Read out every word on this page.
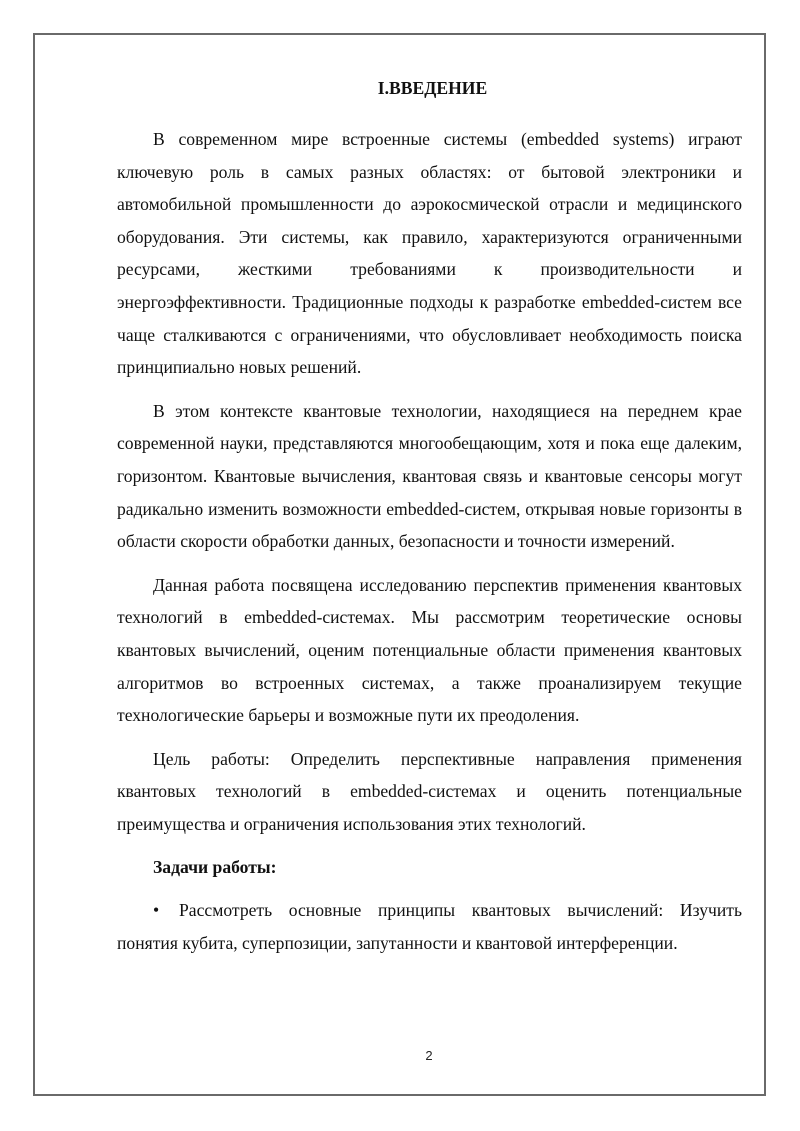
I.ВВЕДЕНИЕ

В современном мире встроенные системы (embedded systems) играют ключевую роль в самых разных областях: от бытовой электроники и автомобильной промышленности до аэрокосмической отрасли и медицинского оборудования. Эти системы, как правило, характеризуются ограниченными ресурсами, жесткими требованиями к производительности и энергоэффективности. Традиционные подходы к разработке embedded-систем все чаще сталкиваются с ограничениями, что обусловливает необходимость поиска принципиально новых решений.

В этом контексте квантовые технологии, находящиеся на переднем крае современной науки, представляются многообещающим, хотя и пока еще далеким, горизонтом. Квантовые вычисления, квантовая связь и квантовые сенсоры могут радикально изменить возможности embedded-систем, открывая новые горизонты в области скорости обработки данных, безопасности и точности измерений.

Данная работа посвящена исследованию перспектив применения квантовых технологий в embedded-системах. Мы рассмотрим теоретические основы квантовых вычислений, оценим потенциальные области применения квантовых алгоритмов во встроенных системах, а также проанализируем текущие технологические барьеры и возможные пути их преодоления.

Цель работы: Определить перспективные направления применения квантовых технологий в embedded-системах и оценить потенциальные преимущества и ограничения использования этих технологий.

Задачи работы:

• Рассмотреть основные принципы квантовых вычислений: Изучить понятия кубита, суперпозиции, запутанности и квантовой интерференции.

2
